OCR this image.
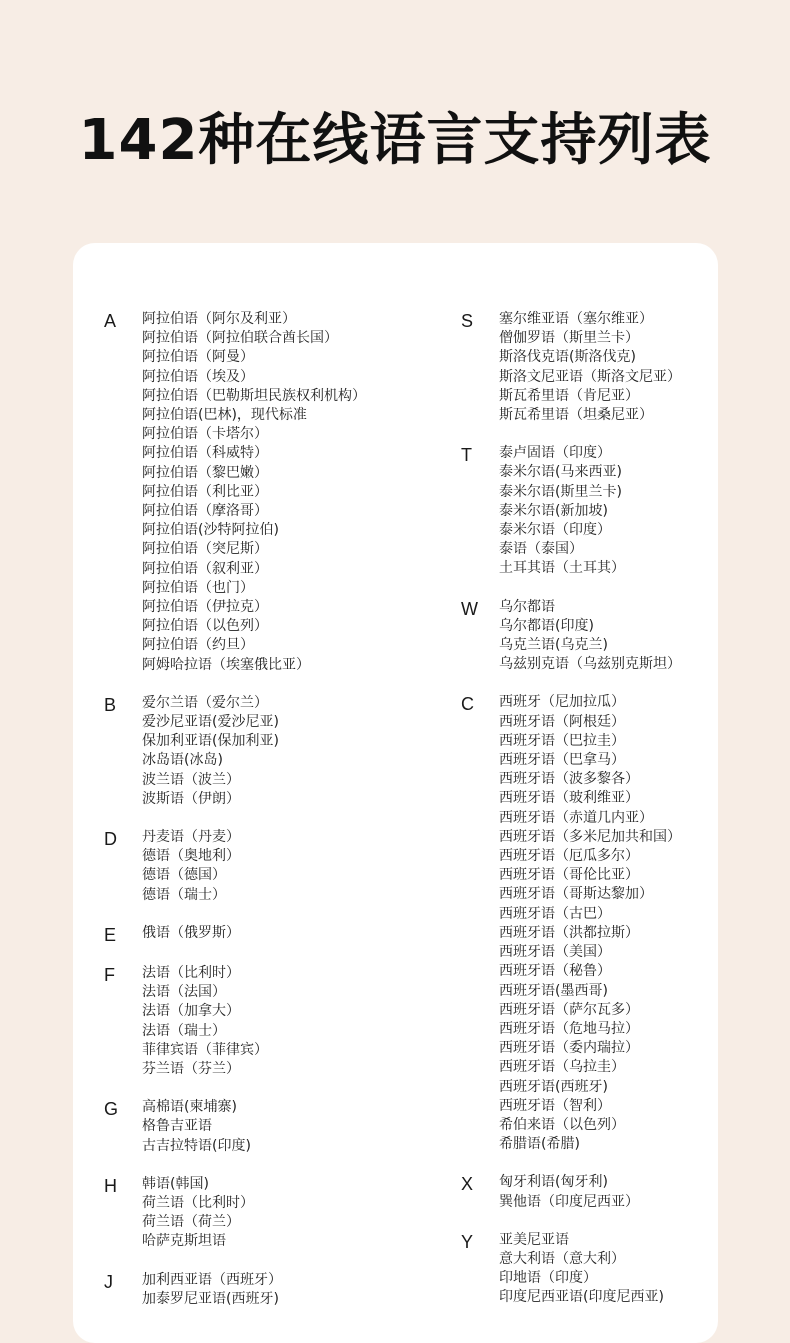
142种在线语言支持列表
A	阿拉伯语（阿尔及利亚）
阿拉伯语（阿拉伯联合酋长国）
阿拉伯语（阿曼）
阿拉伯语（埃及）
阿拉伯语（巴勒斯坦民族权利机构）
阿拉伯语(巴林)，现代标准
阿拉伯语（卡塔尔）
阿拉伯语（科威特）
阿拉伯语（黎巴嫩）
阿拉伯语（利比亚）
阿拉伯语（摩洛哥）
阿拉伯语(沙特阿拉伯)
阿拉伯语（突尼斯）
阿拉伯语（叙利亚）
阿拉伯语（也门）
阿拉伯语（伊拉克）
阿拉伯语（以色列）
阿拉伯语（约旦）
阿姆哈拉语（埃塞俄比亚）
B	爱尔兰语（爱尔兰）
爱沙尼亚语(爱沙尼亚)
保加利亚语(保加利亚)
冰岛语(冰岛)
波兰语（波兰）
波斯语（伊朗）
D	丹麦语（丹麦）
德语（奥地利）
德语（德国）
德语（瑞士）
E	俄语（俄罗斯）
F	法语（比利时）
法语（法国）
法语（加拿大）
法语（瑞士）
菲律宾语（菲律宾）
芬兰语（芬兰）
G	高棉语(柬埔寨)
格鲁吉亚语
古吉拉特语(印度)
H	韩语(韩国)
荷兰语（比利时）
荷兰语（荷兰）
哈萨克斯坦语
J	加利西亚语（西班牙）
加泰罗尼亚语(西班牙)
S	塞尔维亚语（塞尔维亚）
僧伽罗语（斯里兰卡）
斯洛伐克语(斯洛伐克)
斯洛文尼亚语（斯洛文尼亚）
斯瓦希里语（肯尼亚）
斯瓦希里语（坦桑尼亚）
T	泰卢固语（印度）
泰米尔语(马来西亚)
泰米尔语(斯里兰卡)
泰米尔语(新加坡)
泰米尔语（印度）
泰语（泰国）
土耳其语（土耳其）
W	乌尔都语
乌尔都语(印度)
乌克兰语(乌克兰)
乌兹别克语（乌兹别克斯坦）
C	西班牙（尼加拉瓜）
西班牙语（阿根廷）
西班牙语（巴拉圭）
西班牙语（巴拿马）
西班牙语（波多黎各）
西班牙语（玻利维亚）
西班牙语（赤道几内亚）
西班牙语（多米尼加共和国）
西班牙语（厄瓜多尔）
西班牙语（哥伦比亚）
西班牙语（哥斯达黎加）
西班牙语（古巴）
西班牙语（洪都拉斯）
西班牙语（美国）
西班牙语（秘鲁）
西班牙语(墨西哥)
西班牙语（萨尔瓦多）
西班牙语（危地马拉）
西班牙语（委内瑞拉）
西班牙语（乌拉圭）
西班牙语(西班牙)
西班牙语（智利）
希伯来语（以色列）
希腊语(希腊)
X	匈牙利语(匈牙利)
巽他语（印度尼西亚）
Y	亚美尼亚语
意大利语（意大利）
印地语（印度）
印度尼西亚语(印度尼西亚)
